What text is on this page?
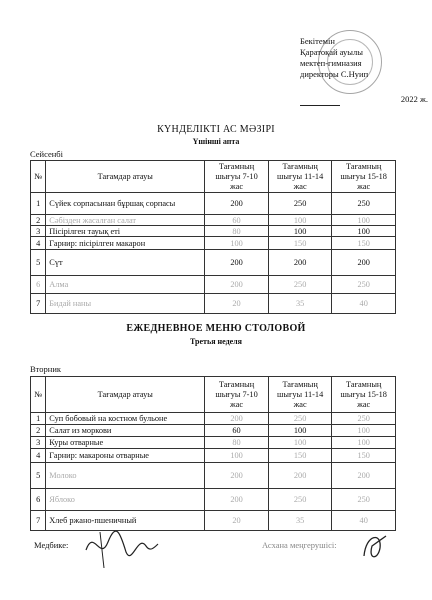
Бекітемін
Қаратоқай ауылы
мектеп-гимназия
директоры С.Нуип

2022 ж.
КҮНДЕЛІКТІ АС МӘЗІРІ
Үшінші апта
Сейсенбі
№	Тағамдар атауы	Тағамның шығуы 7-10 жас	Тағамның шығуы 11-14 жас	Тағамның шығуы 15-18 жас
1	Сүйек сорпасынан бұршақ сорпасы	200	250	250
2	Сәбізден жасалған салат	60	100	100
3	Пісірілген тауық еті	80	100	100
4	Гарнир: пісірілген макарон	100	150	150
5	Сүт	200	200	200
6	Алма	200	250	250
7	Бидай наны	20	35	40
ЕЖЕДНЕВНОЕ МЕНЮ СТОЛОВОЙ
Третья неделя
Вторник
№	Тағамдар атауы	Тағамның шығуы 7-10 жас	Тағамның шығуы 11-14 жас	Тағамның шығуы 15-18 жас
1	Суп бобовый на костном бульоне	200	250	250
2	Салат из моркови	60	100	100
3	Куры отварные	80	100	100
4	Гарнир: макароны отварные	100	150	150
5	Молоко	200	200	200
6	Яблоко	200	250	250
7	Хлеб ржано-пшеничный	20	35	40
Медбике:	Асхана меңгерушісі:
